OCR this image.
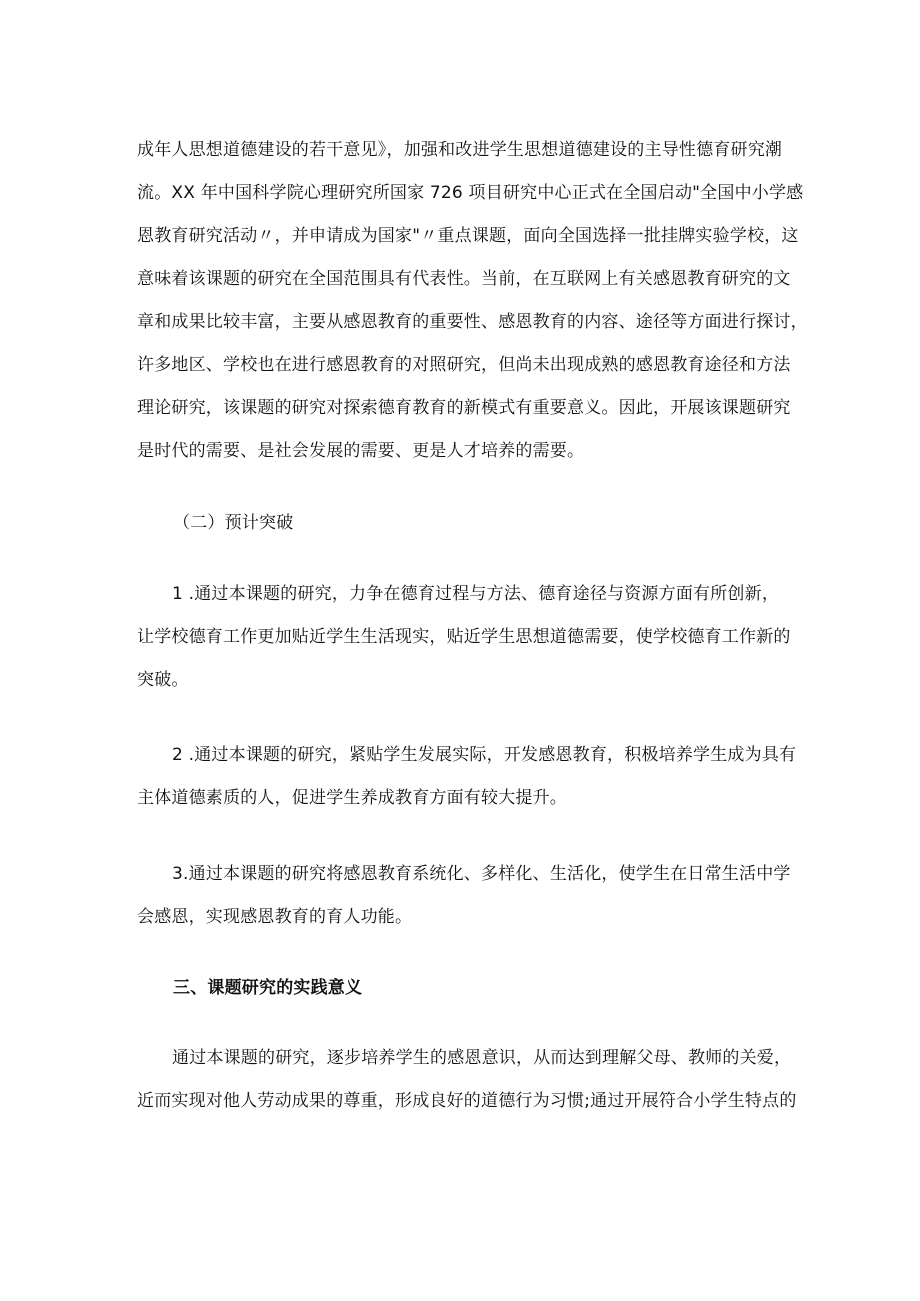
成年人思想道德建设的若干意见》，加强和改进学生思想道德建设的主导性德育研究潮
流。XX 年中国科学院心理研究所国家 726 项目研究中心正式在全国启动"全国中小学感
恩教育研究活动〃，并申请成为国家"〃重点课题，面向全国选择一批挂牌实验学校，这
意味着该课题的研究在全国范围具有代表性。当前，在互联网上有关感恩教育研究的文
章和成果比较丰富，主要从感恩教育的重要性、感恩教育的内容、途径等方面进行探讨，
许多地区、学校也在进行感恩教育的对照研究，但尚未出现成熟的感恩教育途径和方法
理论研究，该课题的研究对探索德育教育的新模式有重要意义。因此，开展该课题研究
是时代的需要、是社会发展的需要、更是人才培养的需要。
（二）预计突破
1 .通过本课题的研究，力争在德育过程与方法、德育途径与资源方面有所创新，
让学校德育工作更加贴近学生生活现实，贴近学生思想道德需要，使学校德育工作新的
突破。
2 .通过本课题的研究，紧贴学生发展实际，开发感恩教育，积极培养学生成为具有
主体道德素质的人，促进学生养成教育方面有较大提升。
3.通过本课题的研究将感恩教育系统化、多样化、生活化，使学生在日常生活中学
会感恩，实现感恩教育的育人功能。
三、课题研究的实践意义
通过本课题的研究，逐步培养学生的感恩意识，从而达到理解父母、教师的关爱，
近而实现对他人劳动成果的尊重，形成良好的道德行为习惯;通过开展符合小学生特点的
